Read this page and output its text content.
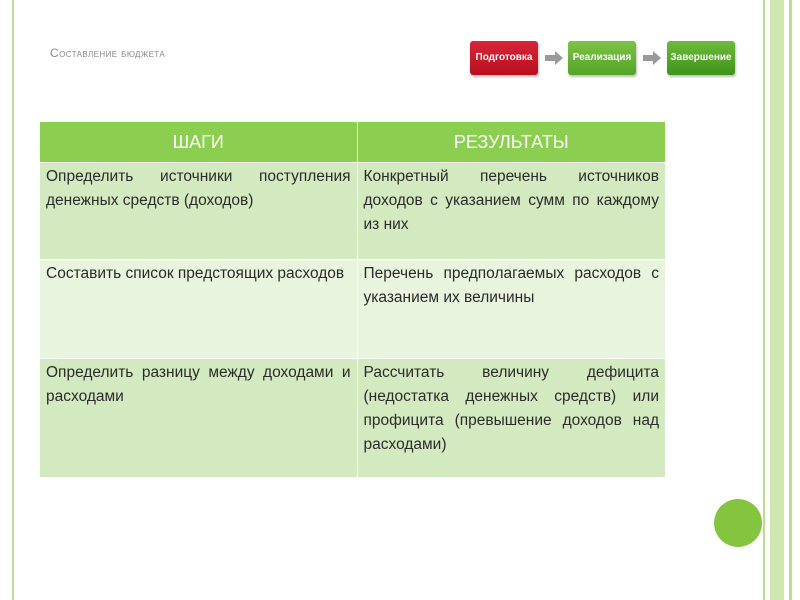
Составление бюджета	Подготовка	Реализация	Завершение
ШАГИ	РЕЗУЛЬТАТЫ
Определить источники поступления денежных средств (доходов)	Конкретный перечень источников доходов с указанием сумм по каждому из них
Составить список предстоящих расходов	Перечень предполагаемых расходов с указанием их величины
Определить разницу между доходами и расходами	Рассчитать величину дефицита (недостатка денежных средств) или профицита (превышение доходов над расходами)
